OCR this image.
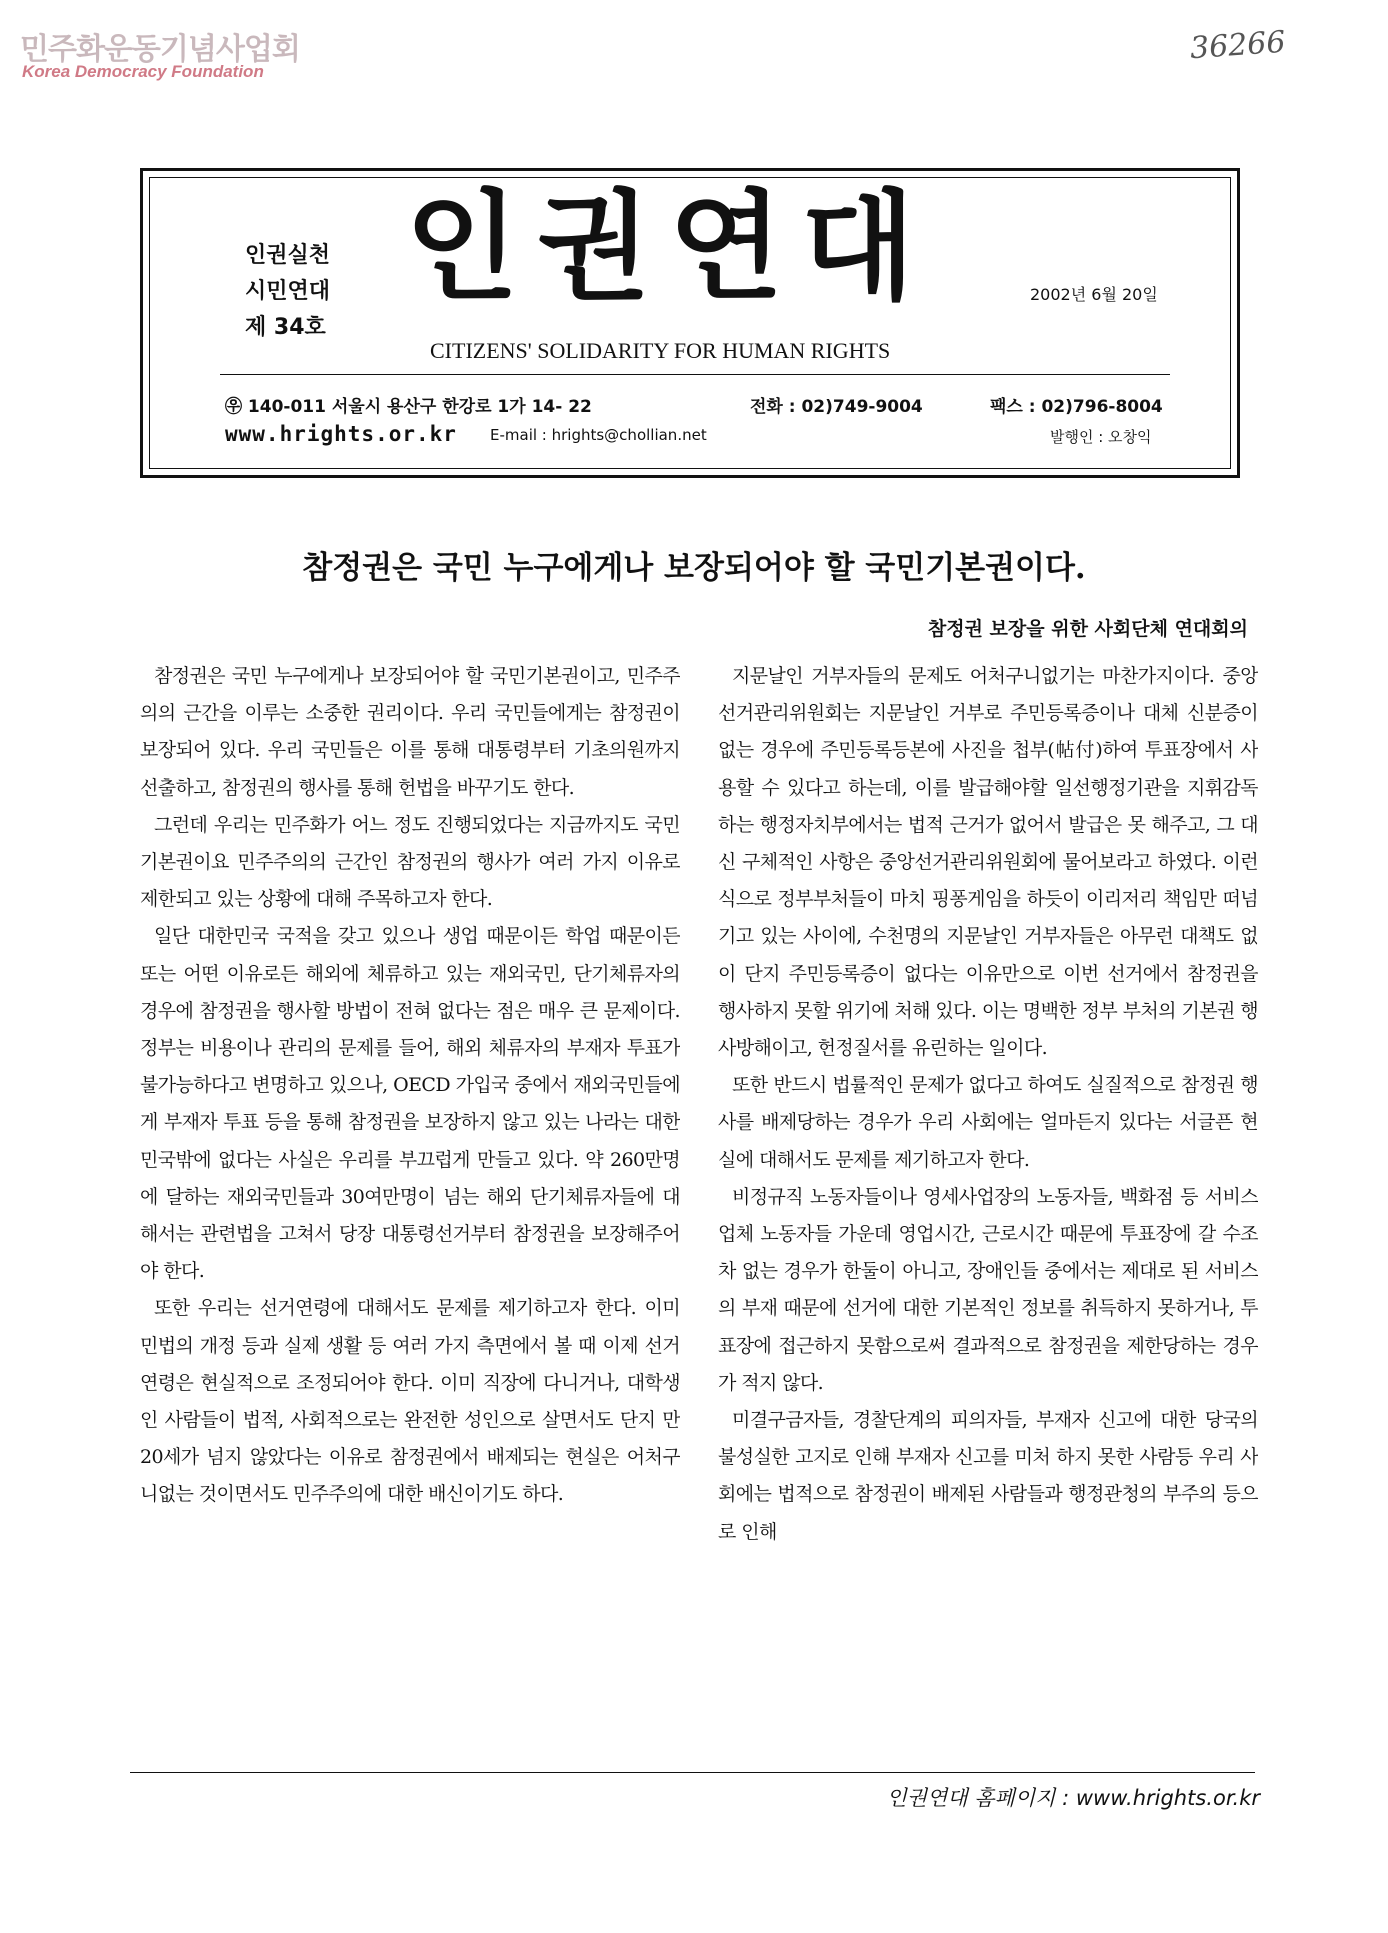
민주화운동기념사업회
Korea Democracy Foundation
36266
인권실천
시민연대
제 34호
인권연대
CITIZENS' SOLIDARITY FOR HUMAN RIGHTS
2002년 6월 20일
㉾ 140-011 서울시 용산구 한강로 1가 14- 22	전화 : 02)749-9004	팩스 : 02)796-8004
www.hrights.or.kr E-mail : hrights@chollian.net	발행인 : 오창익
참정권은 국민 누구에게나 보장되어야 할 국민기본권이다.
참정권 보장을 위한 사회단체 연대회의

참정권은 국민 누구에게나 보장되어야 할 국민기본권이고, 민주주의의 근간을 이루는 소중한 권리이다. 우리 국민들에게는 참정권이 보장되어 있다. 우리 국민들은 이를 통해 대통령부터 기초의원까지 선출하고, 참정권의 행사를 통해 헌법을 바꾸기도 한다.

그런데 우리는 민주화가 어느 정도 진행되었다는 지금까지도 국민기본권이요 민주주의의 근간인 참정권의 행사가 여러 가지 이유로 제한되고 있는 상황에 대해 주목하고자 한다.

일단 대한민국 국적을 갖고 있으나 생업 때문이든 학업 때문이든 또는 어떤 이유로든 해외에 체류하고 있는 재외국민, 단기체류자의 경우에 참정권을 행사할 방법이 전혀 없다는 점은 매우 큰 문제이다. 정부는 비용이나 관리의 문제를 들어, 해외 체류자의 부재자 투표가 불가능하다고 변명하고 있으나, OECD 가입국 중에서 재외국민들에게 부재자 투표 등을 통해 참정권을 보장하지 않고 있는 나라는 대한민국밖에 없다는 사실은 우리를 부끄럽게 만들고 있다. 약 260만명에 달하는 재외국민들과 30여만명이 넘는 해외 단기체류자들에 대해서는 관련법을 고쳐서 당장 대통령선거부터 참정권을 보장해주어야 한다.

또한 우리는 선거연령에 대해서도 문제를 제기하고자 한다. 이미 민법의 개정 등과 실제 생활 등 여러 가지 측면에서 볼 때 이제 선거연령은 현실적으로 조정되어야 한다. 이미 직장에 다니거나, 대학생인 사람들이 법적, 사회적으로는 완전한 성인으로 살면서도 단지 만 20세가 넘지 않았다는 이유로 참정권에서 배제되는 현실은 어처구니없는 것이면서도 민주주의에 대한 배신이기도 하다.

지문날인 거부자들의 문제도 어처구니없기는 마찬가지이다. 중앙선거관리위원회는 지문날인 거부로 주민등록증이나 대체 신분증이 없는 경우에 주민등록등본에 사진을 첩부(帖付)하여 투표장에서 사용할 수 있다고 하는데, 이를 발급해야할 일선행정기관을 지휘감독하는 행정자치부에서는 법적 근거가 없어서 발급은 못 해주고, 그 대신 구체적인 사항은 중앙선거관리위원회에 물어보라고 하였다. 이런 식으로 정부부처들이 마치 핑퐁게임을 하듯이 이리저리 책임만 떠넘기고 있는 사이에, 수천명의 지문날인 거부자들은 아무런 대책도 없이 단지 주민등록증이 없다는 이유만으로 이번 선거에서 참정권을 행사하지 못할 위기에 처해 있다. 이는 명백한 정부 부처의 기본권 행사방해이고, 헌정질서를 유린하는 일이다.

또한 반드시 법률적인 문제가 없다고 하여도 실질적으로 참정권 행사를 배제당하는 경우가 우리 사회에는 얼마든지 있다는 서글픈 현실에 대해서도 문제를 제기하고자 한다.

비정규직 노동자들이나 영세사업장의 노동자들, 백화점 등 서비스업체 노동자들 가운데 영업시간, 근로시간 때문에 투표장에 갈 수조차 없는 경우가 한둘이 아니고, 장애인들 중에서는 제대로 된 서비스의 부재 때문에 선거에 대한 기본적인 정보를 취득하지 못하거나, 투표장에 접근하지 못함으로써 결과적으로 참정권을 제한당하는 경우가 적지 않다.

미결구금자들, 경찰단계의 피의자들, 부재자 신고에 대한 당국의 불성실한 고지로 인해 부재자 신고를 미처 하지 못한 사람등 우리 사회에는 법적으로 참정권이 배제된 사람들과 행정관청의 부주의 등으로 인해

인권연대 홈페이지 : www.hrights.or.kr
